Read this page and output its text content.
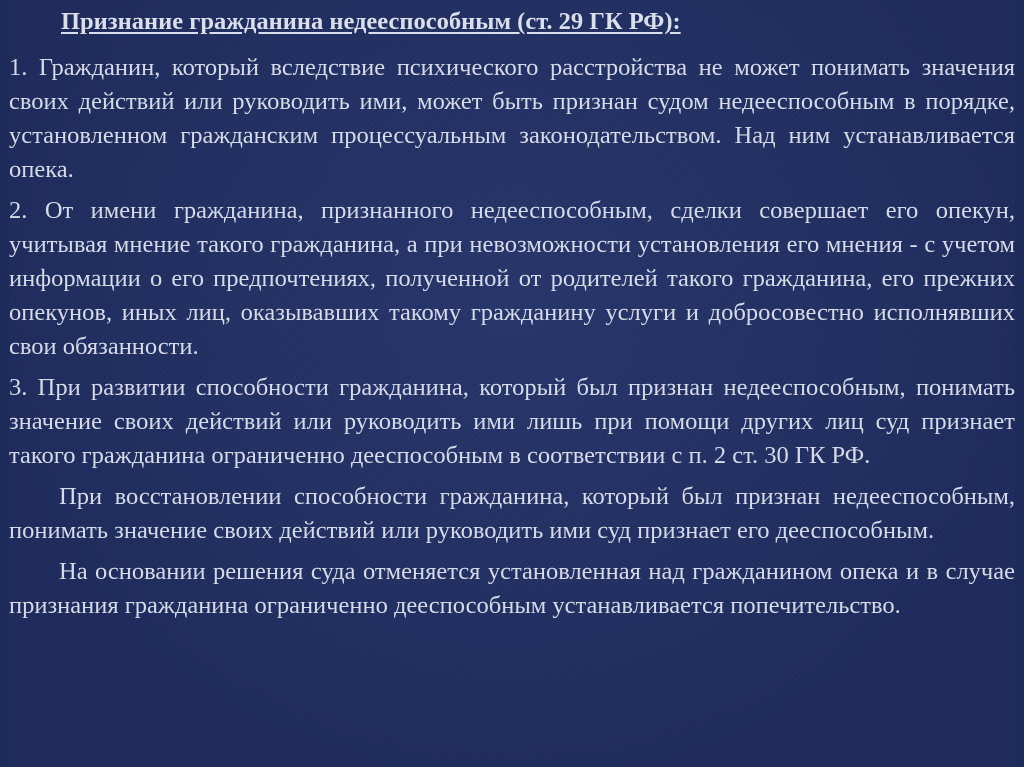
Признание гражданина недееспособным (ст. 29 ГК РФ):

1. Гражданин, который вследствие психического расстройства не может понимать значения своих действий или руководить ими, может быть признан судом недееспособным в порядке, установленном гражданским процессуальным законодательством. Над ним устанавливается опека.

2. От имени гражданина, признанного недееспособным, сделки совершает его опекун, учитывая мнение такого гражданина, а при невозможности установления его мнения - с учетом информации о его предпочтениях, полученной от родителей такого гражданина, его прежних опекунов, иных лиц, оказывавших такому гражданину услуги и добросовестно исполнявших свои обязанности.

3. При развитии способности гражданина, который был признан недееспособным, понимать значение своих действий или руководить ими лишь при помощи других лиц суд признает такого гражданина ограниченно дееспособным в соответствии с п. 2 ст. 30 ГК РФ.

При восстановлении способности гражданина, который был признан недееспособным, понимать значение своих действий или руководить ими суд признает его дееспособным.

На основании решения суда отменяется установленная над гражданином опека и в случае признания гражданина ограниченно дееспособным устанавливается попечительство.
